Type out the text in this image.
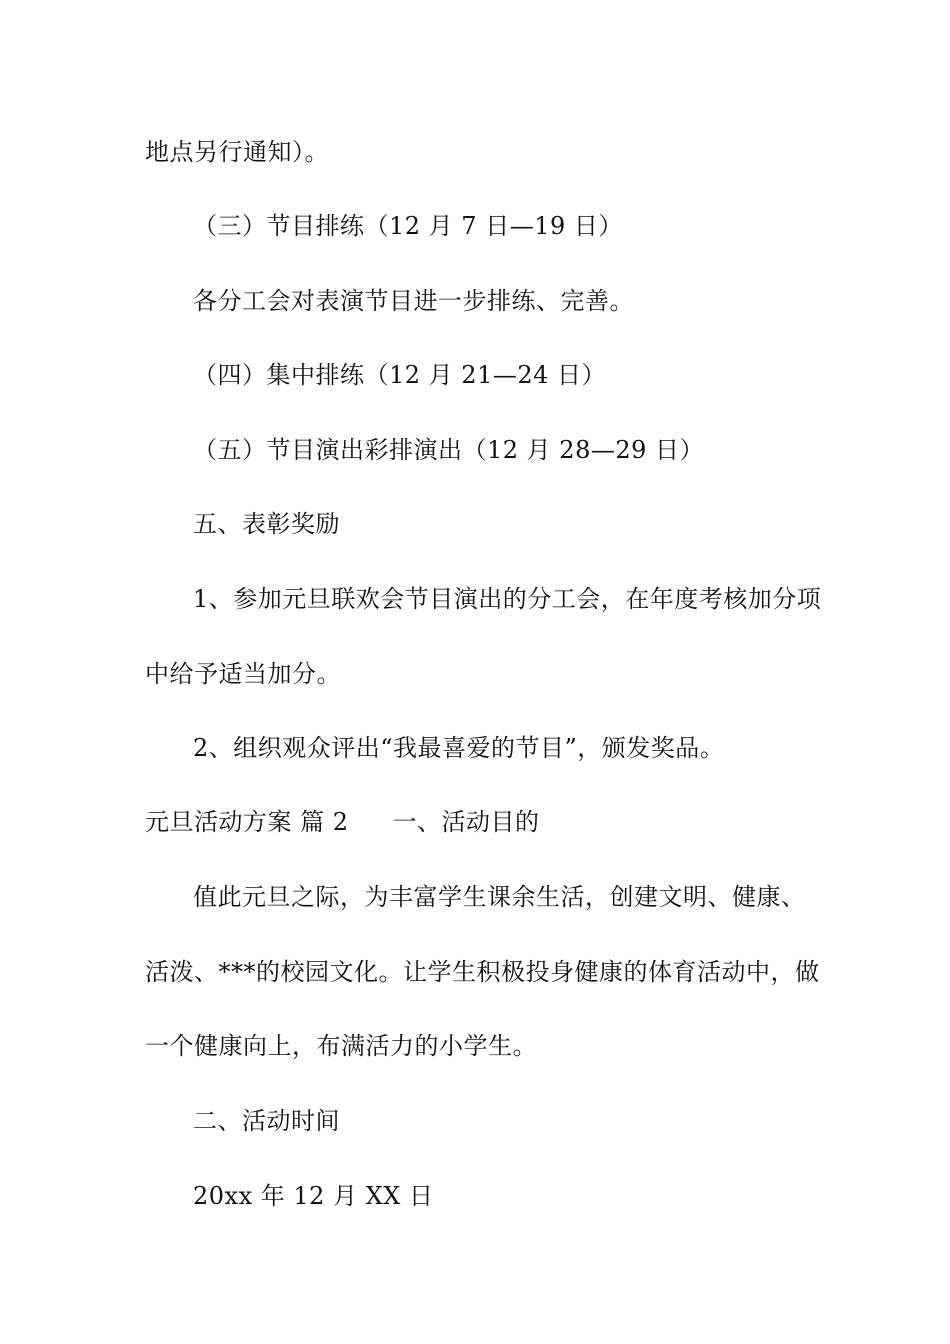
地点另行通知）。
（三）节目排练（12 月 7 日—19 日）
各分工会对表演节目进一步排练、完善。
（四）集中排练（12 月 21—24 日）
（五）节目演出彩排演出（12 月 28—29 日）
五、表彰奖励
1、参加元旦联欢会节目演出的分工会，在年度考核加分项
中给予适当加分。
2、组织观众评出“我最喜爱的节目”，颁发奖品。
元旦活动方案 篇 2 一、活动目的
值此元旦之际，为丰富学生课余生活，创建文明、健康、
活泼、***的校园文化。让学生积极投身健康的体育活动中，做
一个健康向上，布满活力的小学生。
二、活动时间
20xx 年 12 月 XX 日
